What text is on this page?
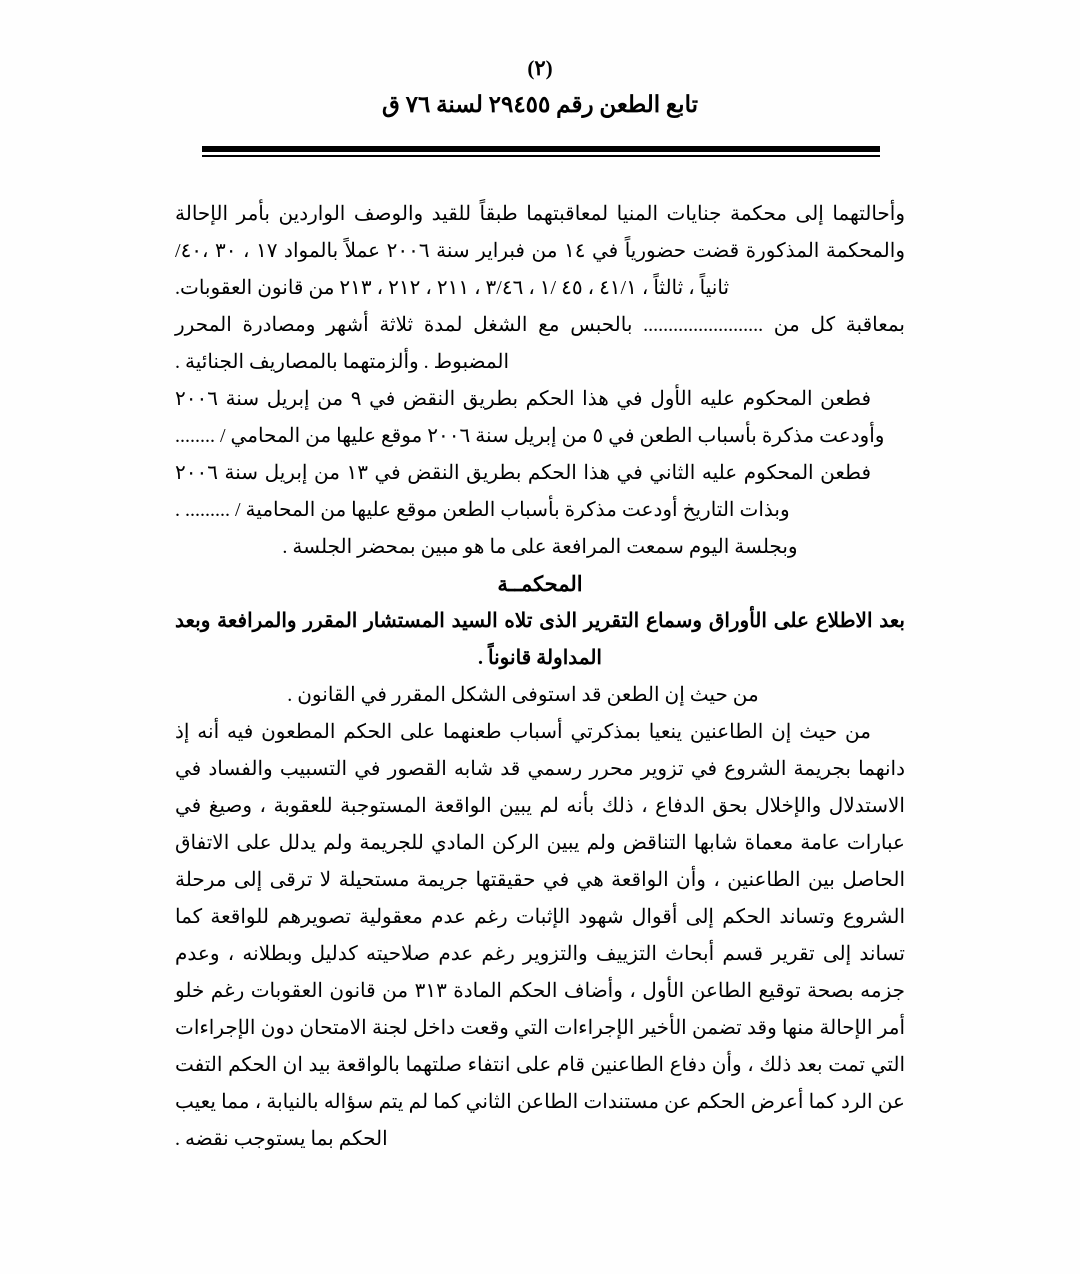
(٢)
تابع الطعن رقم ٢٩٤٥٥ لسنة ٧٦ ق

وأحالتهما إلى محكمة جنايات المنيا لمعاقبتهما طبقاً للقيد والوصف الواردين بأمر الإحالة والمحكمة المذكورة قضت حضورياً في ١٤ من فبراير سنة ٢٠٠٦ عملاً بالمواد ١٧ ، ٣٠ ،٤٠/ ثانياً ، ثالثاً ، ٤١/١ ، ٤٥ /١ ، ٣/٤٦ ، ٢١١ ، ٢١٢ ، ٢١٣ من قانون العقوبات.

بمعاقبة كل من ........................ بالحبس مع الشغل لمدة ثلاثة أشهر ومصادرة المحرر المضبوط . وألزمتهما بالمصاريف الجنائية .

فطعن المحكوم عليه الأول في هذا الحكم بطريق النقض في ٩ من إبريل سنة ٢٠٠٦ وأودعت مذكرة بأسباب الطعن في ٥ من إبريل سنة ٢٠٠٦ موقع عليها من المحامي / ........

فطعن المحكوم عليه الثاني في هذا الحكم بطريق النقض في ١٣ من إبريل سنة ٢٠٠٦ وبذات التاريخ أودعت مذكرة بأسباب الطعن موقع عليها من المحامية / ......... .

وبجلسة اليوم سمعت المرافعة على ما هو مبين بمحضر الجلسة .

المحكمــة

بعد الاطلاع على الأوراق وسماع التقرير الذى تلاه السيد المستشار المقرر والمرافعة وبعد المداولة قانوناً .

من حيث إن الطعن قد استوفى الشكل المقرر في القانون .

من حيث إن الطاعنين ينعيا بمذكرتي أسباب طعنهما على الحكم المطعون فيه أنه إذ دانهما بجريمة الشروع في تزوير محرر رسمي قد شابه القصور في التسبيب والفساد في الاستدلال والإخلال بحق الدفاع ، ذلك بأنه لم يبين الواقعة المستوجبة للعقوبة ، وصيغ في عبارات عامة معماة شابها التناقض ولم يبين الركن المادي للجريمة ولم يدلل على الاتفاق الحاصل بين الطاعنين ، وأن الواقعة هي في حقيقتها جريمة مستحيلة لا ترقى إلى مرحلة الشروع وتساند الحكم إلى أقوال شهود الإثبات رغم عدم معقولية تصويرهم للواقعة كما تساند إلى تقرير قسم أبحاث التزييف والتزوير رغم عدم صلاحيته كدليل وبطلانه ، وعدم جزمه بصحة توقيع الطاعن الأول ، وأضاف الحكم المادة ٣١٣ من قانون العقوبات رغم خلو أمر الإحالة منها وقد تضمن الأخير الإجراءات التي وقعت داخل لجنة الامتحان دون الإجراءات التي تمت بعد ذلك ، وأن دفاع الطاعنين قام على انتفاء صلتهما بالواقعة بيد ان الحكم التفت عن الرد كما أعرض الحكم عن مستندات الطاعن الثاني كما لم يتم سؤاله بالنيابة ، مما يعيب الحكم بما يستوجب نقضه .
